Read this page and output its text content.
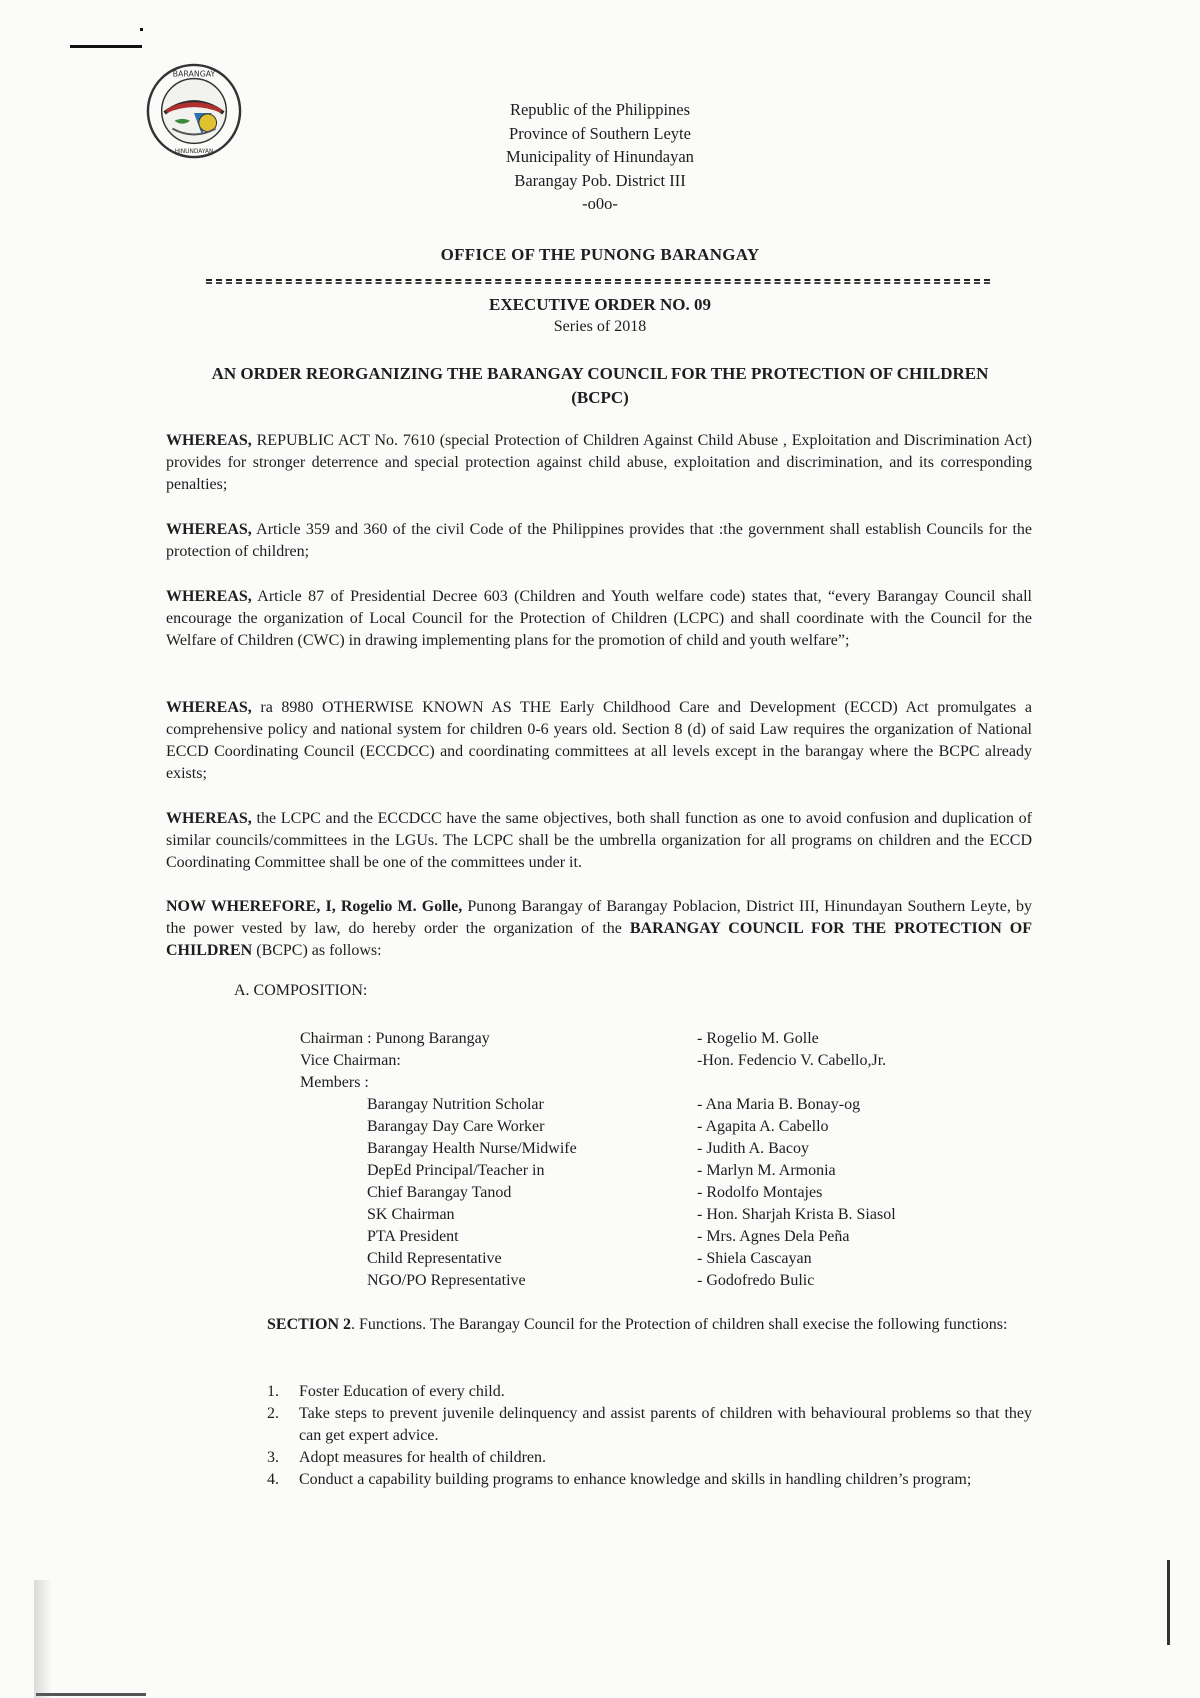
BARANGAY
HINUNDAYAN
Republic of the Philippines
Province of Southern Leyte
Municipality of Hinundayan
Barangay Pob. District III
-o0o-
OFFICE OF THE PUNONG BARANGAY
EXECUTIVE ORDER NO. 09
Series of 2018
AN ORDER REORGANIZING THE BARANGAY COUNCIL FOR THE PROTECTION OF CHILDREN
(BCPC)
WHEREAS, REPUBLIC ACT No. 7610 (special Protection of Children Against Child Abuse , Exploitation and Discrimination Act) provides for stronger deterrence and special protection against child abuse, exploitation and discrimination, and its corresponding penalties;
WHEREAS, Article 359 and 360 of the civil Code of the Philippines provides that :the government shall establish Councils for the protection of children;
WHEREAS, Article 87 of Presidential Decree 603 (Children and Youth welfare code) states that, “every Barangay Council shall encourage the organization of Local Council for the Protection of Children (LCPC) and shall coordinate with the Council for the Welfare of Children (CWC) in drawing implementing plans for the promotion of child and youth welfare”;
WHEREAS, ra 8980 OTHERWISE KNOWN AS THE Early Childhood Care and Development (ECCD) Act promulgates a comprehensive policy and national system for children 0-6 years old. Section 8 (d) of said Law requires the organization of National ECCD Coordinating Council (ECCDCC) and coordinating committees at all levels except in the barangay where the BCPC already exists;
WHEREAS, the LCPC and the ECCDCC have the same objectives, both shall function as one to avoid confusion and duplication of similar councils/committees in the LGUs. The LCPC shall be the umbrella organization for all programs on children and the ECCD Coordinating Committee shall be one of the committees under it.
NOW WHEREFORE, I, Rogelio M. Golle, Punong Barangay of Barangay Poblacion, District III, Hinundayan Southern Leyte, by the power vested by law, do hereby order the organization of the BARANGAY COUNCIL FOR THE PROTECTION OF CHILDREN (BCPC) as follows:
A. COMPOSITION:
Chairman : Punong Barangay
Vice Chairman:
Members :
Barangay Nutrition Scholar
Barangay Day Care Worker
Barangay Health Nurse/Midwife
DepEd Principal/Teacher in
Chief Barangay Tanod
SK Chairman
PTA President
Child Representative
NGO/PO Representative
- Rogelio M. Golle
-Hon. Fedencio V. Cabello,Jr.

- Ana Maria B. Bonay-og
- Agapita A. Cabello
- Judith A. Bacoy
- Marlyn M. Armonia
- Rodolfo Montajes
- Hon. Sharjah Krista B. Siasol
- Mrs. Agnes Dela Peña
- Shiela Cascayan
- Godofredo Bulic
SECTION 2. Functions. The Barangay Council for the Protection of children shall execise the following functions:
1. Foster Education of every child.
2. Take steps to prevent juvenile delinquency and assist parents of children with behavioural problems so that they can get expert advice.
3. Adopt measures for health of children.
4. Conduct a capability building programs to enhance knowledge and skills in handling children’s program;
